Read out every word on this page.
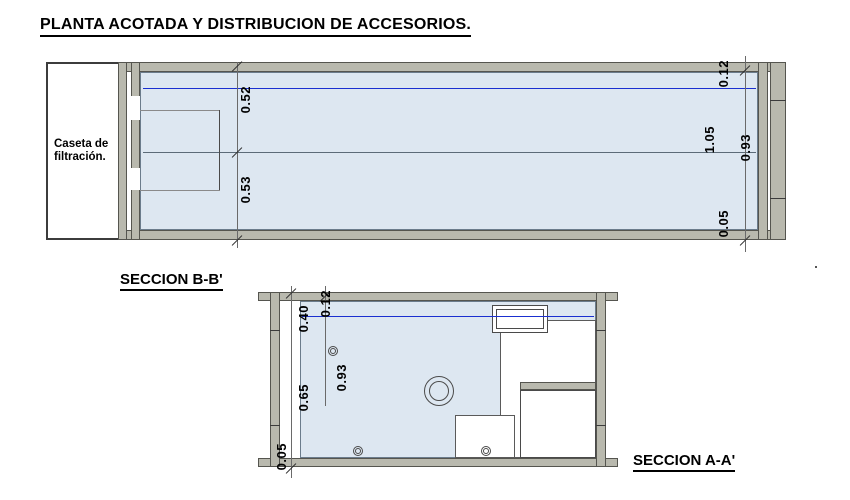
PLANTA ACOTADA Y DISTRIBUCION DE ACCESORIOS.
SECCION B-B'
SECCION A-A'
Caseta de
filtración.
0.52
0.53
0.12
1.05 0.93
0.05
0.12
0.40
0.93
0.65
0.05
